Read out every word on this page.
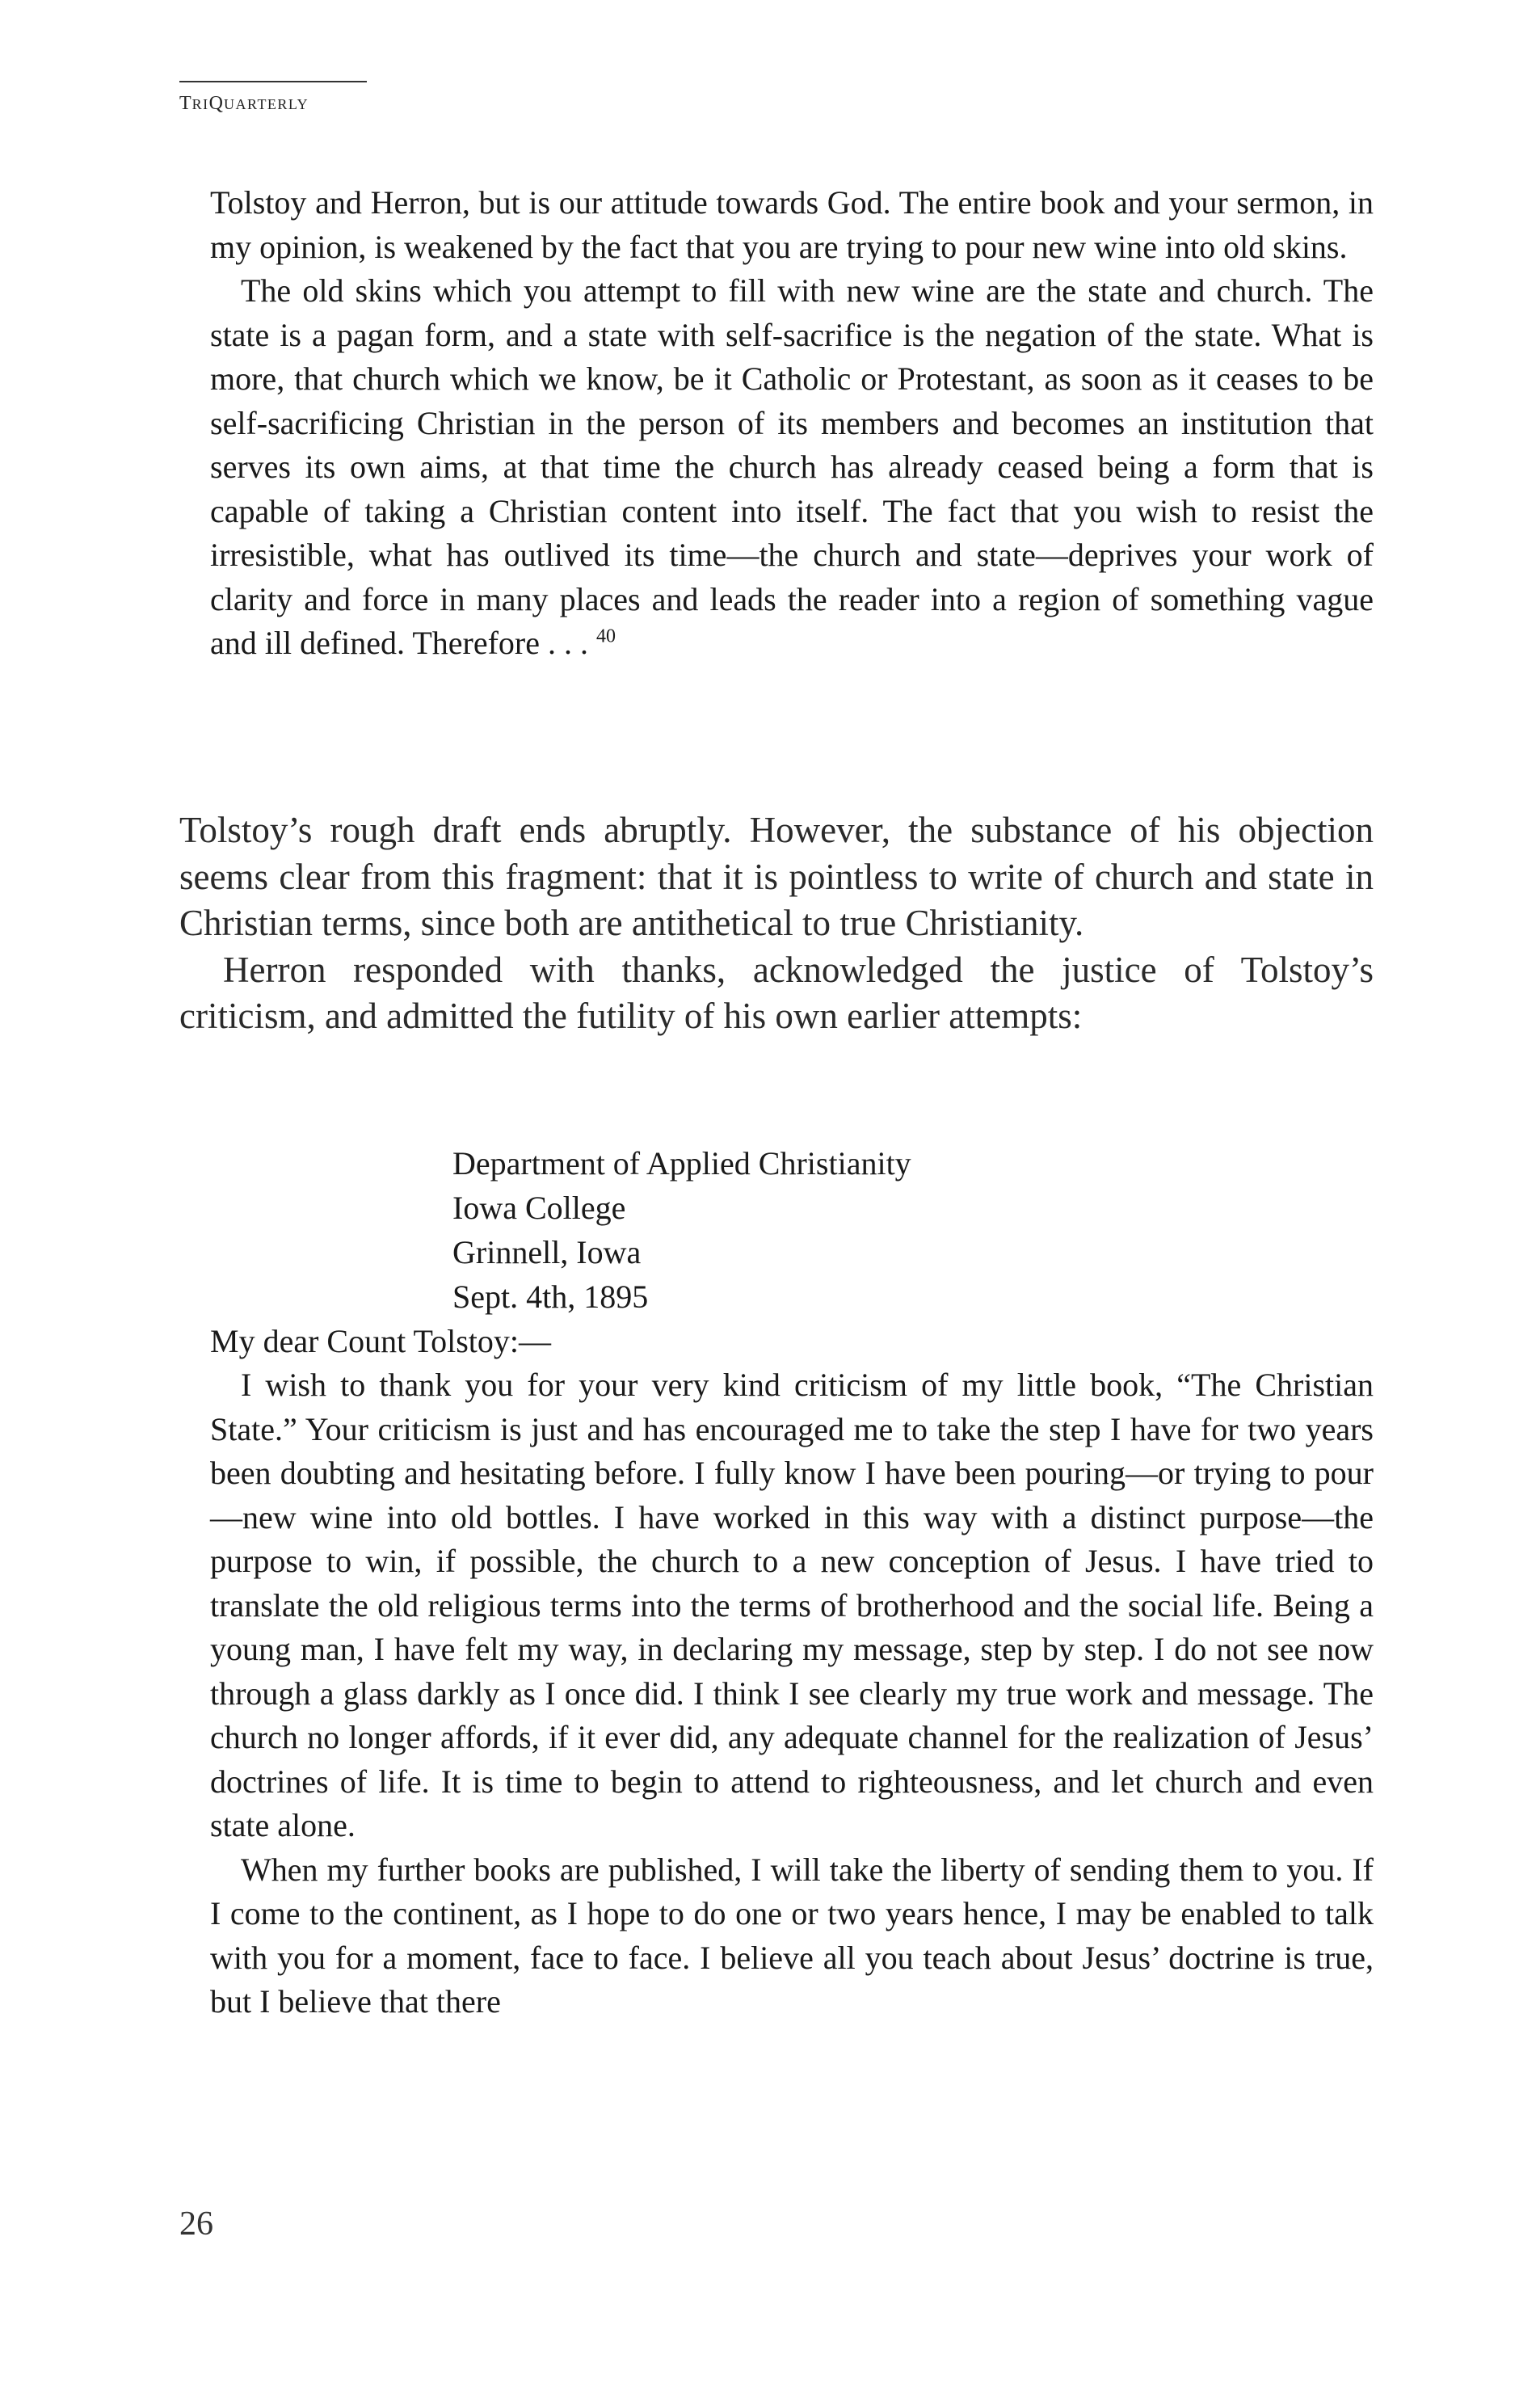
TRIQUARTERLY

Tolstoy and Herron, but is our attitude towards God. The entire book and your sermon, in my opinion, is weakened by the fact that you are trying to pour new wine into old skins.

The old skins which you attempt to fill with new wine are the state and church. The state is a pagan form, and a state with self-sacrifice is the negation of the state. What is more, that church which we know, be it Catholic or Protestant, as soon as it ceases to be self-sacrificing Christian in the person of its members and becomes an institution that serves its own aims, at that time the church has already ceased being a form that is capable of taking a Christian content into itself. The fact that you wish to resist the irresistible, what has outlived its time—the church and state—deprives your work of clarity and force in many places and leads the reader into a region of something vague and ill defined. Therefore . . . $^{40}$

Tolstoy’s rough draft ends abruptly. However, the substance of his objection seems clear from this fragment: that it is pointless to write of church and state in Christian terms, since both are antithetical to true Christianity.

Herron responded with thanks, acknowledged the justice of Tolstoy’s criticism, and admitted the futility of his own earlier attempts:

Department of Applied Christianity
Iowa College
Grinnell, Iowa
Sept. 4th, 1895
My dear Count Tolstoy:—

I wish to thank you for your very kind criticism of my little book, “The Christian State.” Your criticism is just and has encouraged me to take the step I have for two years been doubting and hesitating before. I fully know I have been pouring—or trying to pour—new wine into old bottles. I have worked in this way with a distinct purpose—the purpose to win, if possible, the church to a new conception of Jesus. I have tried to translate the old religious terms into the terms of brotherhood and the social life. Being a young man, I have felt my way, in declaring my message, step by step. I do not see now through a glass darkly as I once did. I think I see clearly my true work and message. The church no longer affords, if it ever did, any adequate channel for the realization of Jesus’ doctrines of life. It is time to begin to attend to righteousness, and let church and even state alone.

When my further books are published, I will take the liberty of sending them to you. If I come to the continent, as I hope to do one or two years hence, I may be enabled to talk with you for a moment, face to face. I believe all you teach about Jesus’ doctrine is true, but I believe that there

26
